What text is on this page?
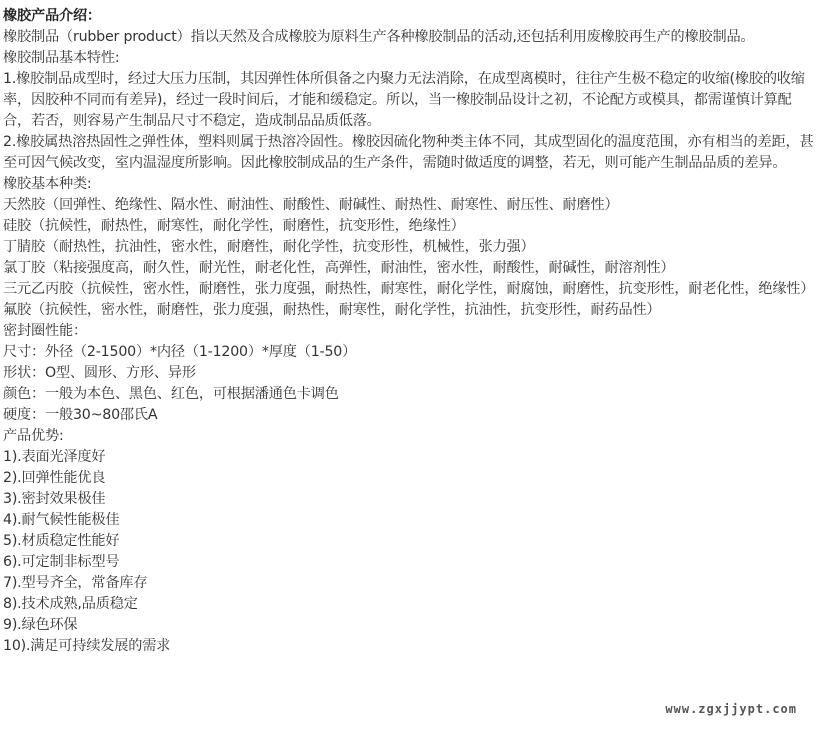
橡胶产品介绍：

橡胶制品（rubber product）指以天然及合成橡胶为原料生产各种橡胶制品的活动,还包括利用废橡胶再生产的橡胶制品。

橡胶制品基本特性:

1.橡胶制品成型时，经过大压力压制，其因弹性体所俱备之内聚力无法消除，在成型离模时，往往产生极不稳定的收缩(橡胶的收缩率，因胶种不同而有差异)，经过一段时间后，才能和缓稳定。所以，当一橡胶制品设计之初，不论配方或模具，都需谨慎计算配合，若否，则容易产生制品尺寸不稳定，造成制品品质低落。

2.橡胶属热溶热固性之弹性体，塑料则属于热溶冷固性。橡胶因硫化物种类主体不同，其成型固化的温度范围，亦有相当的差距，甚至可因气候改变，室内温湿度所影响。因此橡胶制成品的生产条件，需随时做适度的调整，若无，则可能产生制品品质的差异。

橡胶基本种类:

天然胶（回弹性、绝缘性、隔水性、耐油性、耐酸性、耐碱性、耐热性、耐寒性、耐压性、耐磨性）

硅胶（抗候性，耐热性，耐寒性，耐化学性，耐磨性，抗变形性，绝缘性）

丁腈胶（耐热性，抗油性，密水性，耐磨性，耐化学性，抗变形性，机械性，张力强）

氯丁胶（粘接强度高，耐久性，耐光性，耐老化性，高弹性，耐油性，密水性，耐酸性，耐碱性，耐溶剂性）

三元乙丙胶（抗候性，密水性，耐磨性，张力度强，耐热性，耐寒性，耐化学性，耐腐蚀，耐磨性，抗变形性，耐老化性，绝缘性）

氟胶（抗候性，密水性，耐磨性，张力度强，耐热性，耐寒性，耐化学性，抗油性，抗变形性，耐药品性）

密封圈性能：

尺寸：外径（2-1500）*内径（1-1200）*厚度（1-50）

形状：O型、圆形、方形、异形

颜色：一般为本色、黑色、红色，可根据潘通色卡调色

硬度：一般30~80邵氏A

产品优势:

1).表面光泽度好

2).回弹性能优良

3).密封效果极佳

4).耐气候性能极佳

5).材质稳定性能好

6).可定制非标型号

7).型号齐全，常备库存

8).技术成熟,品质稳定

9).绿色环保

10).满足可持续发展的需求

www.zgxjjypt.com
